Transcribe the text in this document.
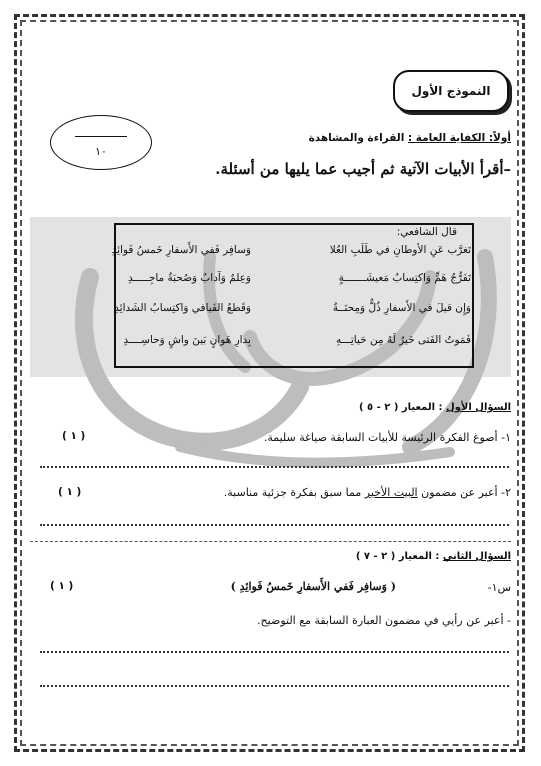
النموذج الأول
١٠
أولاً: الكفاية العامة : القراءة والمشاهدة
–أقرأ الأبيات الآتية ثم أجيب عما يليها من أسئلة.
قال الشافعي:
تَغرَّب عَنِ الأوطانِ في طَلَبِ العُلا
وَسافِر فَفي الأَسفارِ خَمسُ فَوائِدِ
تَفَرُّجُ هَمٍّ وَاكتِسابُ مَعيشَـــــــةٍ
وَعِلمٌ وَآدابٌ وَصُحبَةُ ماجِـــــدِ
وَإِن قيلَ في الأَسفارِ ذُلٌّ وَمِحنَــةٌ
وَقَطعُ الفَيافي وَاكتِسابُ الشَدائِدِ
فَمَوتُ الفَتى خَيرٌ لَهُ مِن حَياتِـــهِ
بِدارِ هَوانٍ بَينَ واشٍ وَحاسِــــدِ
السؤال الأول : المعيار ( ٢ - ٥ )
١- أصوغ الفكرة الرئيسة للأبيات السابقة صياغة سليمة.
( ١ )
٢- أعبر عن مضمون البيت الأخير مما سبق بفكرة جزئية مناسبة.
( ١ )
السؤال الثاني : المعيار ( ٢ - ٧ )
س١-
( وَسافِر فَفي الأَسفارِ خَمسُ فَوائِدِ )
( ١ )
- أعبر عن رأيي في مضمون العبارة السابقة مع التوضيح.
